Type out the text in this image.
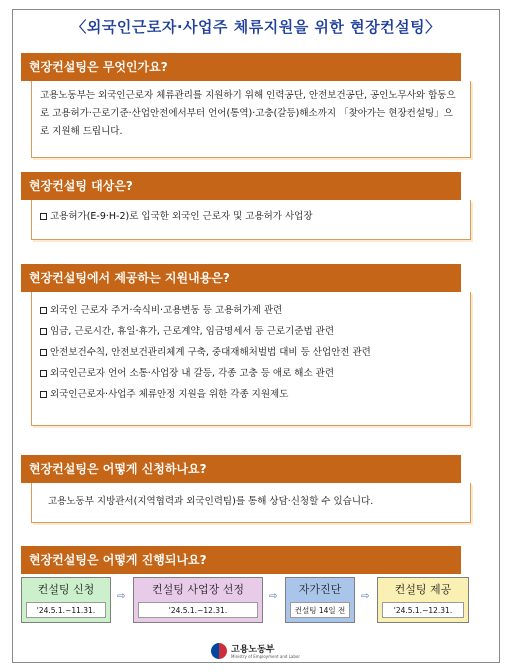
〈외국인근로자·사업주 체류지원을 위한 현장컨설팅〉
현장컨설팅은 무엇인가요?

고용노동부는 외국인근로자 체류관리를 지원하기 위해 인력공단, 안전보건공단, 공인노무사와 합동으로 고용허가·근로기준·산업안전에서부터 언어(통역)·고충(갈등)해소까지 「찾아가는 현장컨설팅」으로 지원해 드립니다.

현장컨설팅 대상은?
고용허가(E-9·H-2)로 입국한 외국인 근로자 및 고용허가 사업장
현장컨설팅에서 제공하는 지원내용은?
외국인 근로자 주거·숙식비·고용변동 등 고용허가제 관련
임금, 근로시간, 휴일·휴가, 근로계약, 임금명세서 등 근로기준법 관련
안전보건수칙, 안전보건관리체계 구축, 중대재해처벌법 대비 등 산업안전 관련
외국인근로자 언어 소통·사업장 내 갈등, 각종 고충 등 애로 해소 관련
외국인근로자·사업주 체류안정 지원을 위한 각종 지원제도
현장컨설팅은 어떻게 신청하나요?

고용노동부 지방관서(지역협력과 외국인력팀)를 통해 상담·신청할 수 있습니다.

현장컨설팅은 어떻게 진행되나요?
컨설팅 신청
'24.5.1.~11.31.
⇨
컨설팅 사업장 선정
'24.5.1.~12.31.
⇨
자가진단
컨설팅 14일 전
⇨
컨설팅 제공
'24.5.1.~12.31.
고용노동부
Ministry of Employment and Labor
